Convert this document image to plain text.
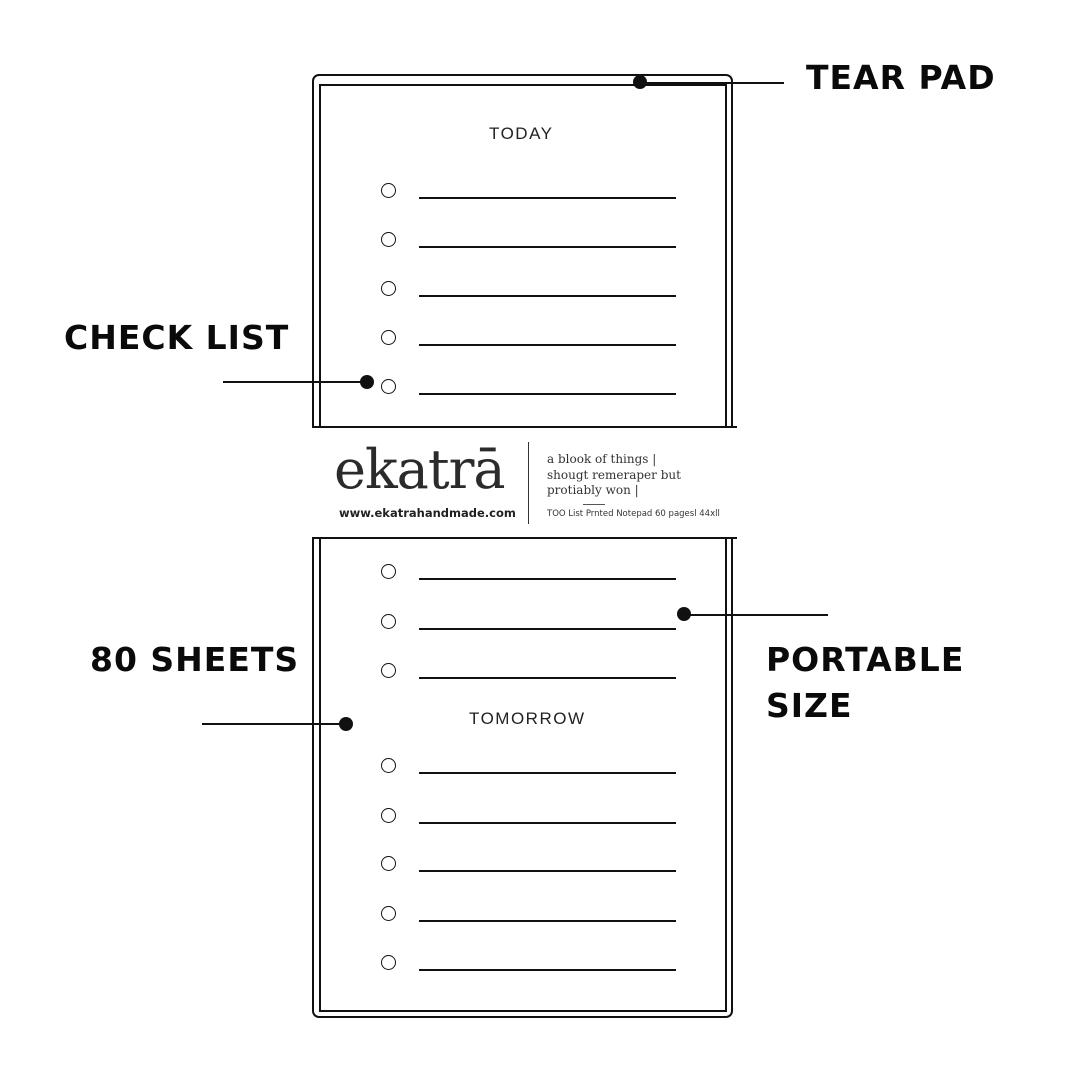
TODAY
ekatrā
www.ekatrahandmade.com
a blook of things |
shougt remeraper but
protiably won |
TOO List Prnted Notepad 60 pagesl 44xll
TOMORROW
TEAR PAD
CHECK LIST
80 SHEETS	PORTABLE
SIZE
